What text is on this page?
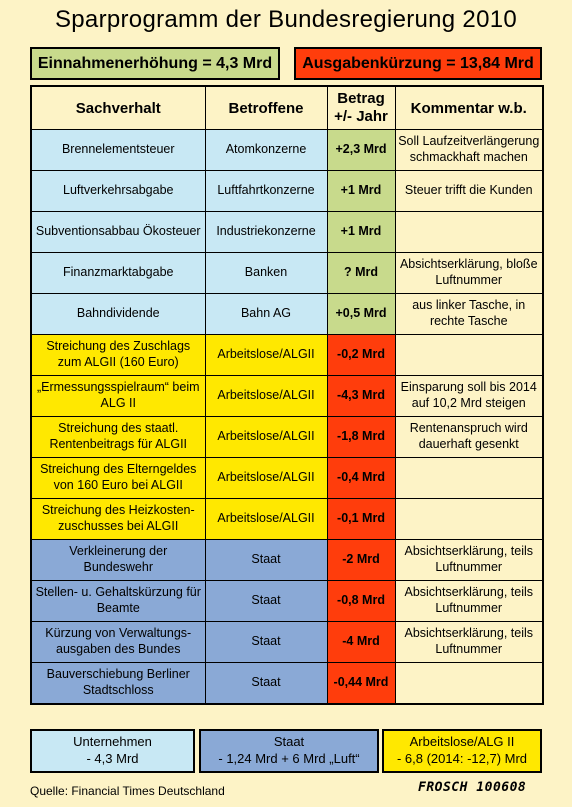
Sparprogramm der Bundesregierung 2010
Einnahmenerhöhung = 4,3 Mrd	Ausgabenkürzung = 13,84 Mrd
Sachverhalt	Betroffene	Betrag +/- Jahr	Kommentar w.b.
Brennelementsteuer	Atomkonzerne	+2,3 Mrd	Soll Laufzeitverlängerung schmackhaft machen
Luftverkehrsabgabe	Luftfahrtkonzerne	+1 Mrd	Steuer trifft die Kunden
Subventionsabbau Ökosteuer	Industriekonzerne	+1 Mrd	
Finanzmarktabgabe	Banken	? Mrd	Absichtserklärung, bloße Luftnummer
Bahndividende	Bahn AG	+0,5 Mrd	aus linker Tasche, in rechte Tasche
Streichung des Zuschlags zum ALGII (160 Euro)	Arbeitslose/ALGII	-0,2 Mrd	
„Ermessungsspielraum“ beim ALG II	Arbeitslose/ALGII	-4,3 Mrd	Einsparung soll bis 2014 auf 10,2 Mrd steigen
Streichung des staatl. Rentenbeitrags für ALGII	Arbeitslose/ALGII	-1,8 Mrd	Rentenanspruch wird dauerhaft gesenkt
Streichung des Elterngeldes von 160 Euro bei ALGII	Arbeitslose/ALGII	-0,4 Mrd	
Streichung des Heizkosten-zuschusses bei ALGII	Arbeitslose/ALGII	-0,1 Mrd	
Verkleinerung der Bundeswehr	Staat	-2 Mrd	Absichtserklärung, teils Luftnummer
Stellen- u. Gehaltskürzung für Beamte	Staat	-0,8 Mrd	Absichtserklärung, teils Luftnummer
Kürzung von Verwaltungs-ausgaben des Bundes	Staat	-4 Mrd	Absichtserklärung, teils Luftnummer
Bauverschiebung Berliner Stadtschloss	Staat	-0,44 Mrd	
Unternehmen
- 4,3 Mrd
Staat
- 1,24 Mrd + 6 Mrd „Luft“
Arbeitslose/ALG II
- 6,8 (2014: -12,7) Mrd
Quelle: Financial Times Deutschland	FROSCH 100608
